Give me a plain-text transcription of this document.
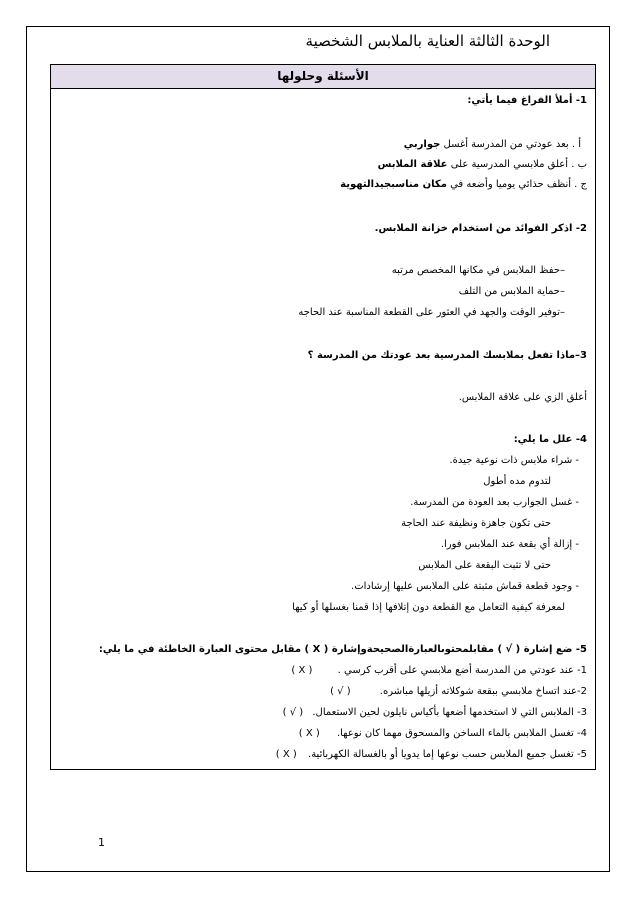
الوحدة الثالثة العناية بالملابس الشخصية
الأسئلة وحلولها
1- أملأ الفراغ فيما يأتي:
أ . بعد عودتي من المدرسة أغسل جواربي
ب . أعلق ملابسي المدرسية على علاقة الملابس
ج . أنظف حذائي يوميا وأضعه في مكان مناسبجيدالتهوية
2- اذكر الفوائد من استخدام خزانة الملابس.
–حفظ الملابس في مكانها المخصص مرتبه
–حماية الملابس من التلف
–توفير الوقت والجهد في العثور على القطعة المناسبة عند الحاجه
3–ماذا تفعل بملابسك المدرسية بعد عودتك من المدرسة ؟
أعلق الزي على علاقة الملابس.
4- علل ما يلي:
- شراء ملابس ذات نوعية جيدة.
لتدوم مده أطول
- غسل الجوارب بعد العودة من المدرسة.
حتى تكون جاهزة ونظيفة عند الحاجة
- إزالة أي بقعة عند الملابس فورا.
حتى لا تثبت البقعة على الملابس
- وجود قطعة قماش مثبتة على الملابس عليها إرشادات.
لمعرفة كيفية التعامل مع القطعة دون إتلافها إذا قمنا بغسلها أو كيها
5- ضع إشارة ( √ ) مقابلمحتوىالعبارةالصحيحةوإشارة ( X ) مقابل محتوى العبارة الخاطئة في ما يلي:
1- عند عودتي من المدرسة أضع ملابسي على أقرب كرسي . ( X )
2-عند اتساخ ملابسي ببقعة شوكلاته أزيلها مباشره. ( √ )
3- الملابس التي لا استخدمها أضعها بأكياس نايلون لحين الاستعمال. ( √ )
4- تغسل الملابس بالماء الساخن والمسحوق مهما كان نوعها. ( X )
5- تغسل جميع الملابس حسب نوعها إما يدويا أو بالغسالة الكهربائية. ( X )
1
